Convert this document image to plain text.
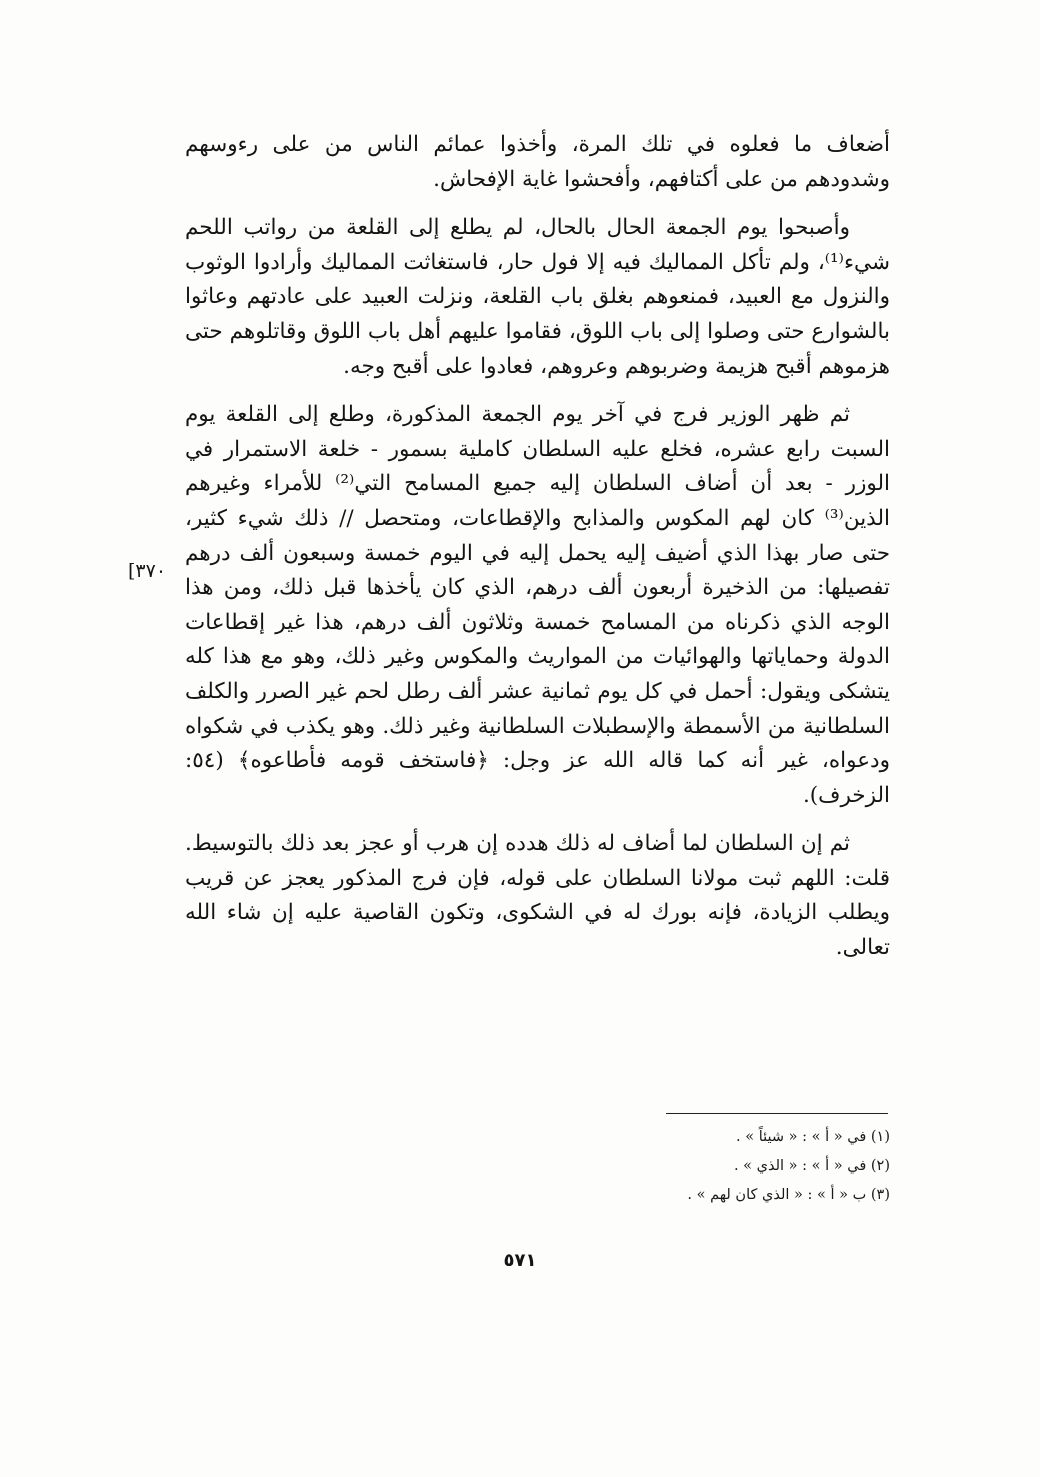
أضعاف ما فعلوه في تلك المرة، وأخذوا عمائم الناس من على رءوسهم وشدودهم من على أكتافهم، وأفحشوا غاية الإفحاش.

وأصبحوا يوم الجمعة الحال بالحال، لم يطلع إلى القلعة من رواتب اللحم شيء⁽¹⁾، ولم تأكل المماليك فيه إلا فول حار، فاستغاثت المماليك وأرادوا الوثوب والنزول مع العبيد، فمنعوهم بغلق باب القلعة، ونزلت العبيد على عادتهم وعاثوا بالشوارع حتى وصلوا إلى باب اللوق، فقاموا عليهم أهل باب اللوق وقاتلوهم حتى هزموهم أقبح هزيمة وضربوهم وعروهم، فعادوا على أقبح وجه.

ثم ظهر الوزير فرج في آخر يوم الجمعة المذكورة، وطلع إلى القلعة يوم السبت رابع عشره، فخلع عليه السلطان كاملية بسمور - خلعة الاستمرار في الوزر - بعد أن أضاف السلطان إليه جميع المسامح التي⁽²⁾ للأمراء وغيرهم الذين⁽³⁾ كان لهم المكوس والمذابح والإقطاعات، ومتحصل // ذلك شيء كثير، حتى صار بهذا الذي أضيف إليه يحمل إليه في اليوم خمسة وسبعون ألف درهم تفصيلها: من الذخيرة أربعون ألف درهم، الذي كان يأخذها قبل ذلك، ومن هذا الوجه الذي ذكرناه من المسامح خمسة وثلاثون ألف درهم، هذا غير إقطاعات الدولة وحماياتها والهوائيات من المواريث والمكوس وغير ذلك، وهو مع هذا كله يتشكى ويقول: أحمل في كل يوم ثمانية عشر ألف رطل لحم غير الصرر والكلف السلطانية من الأسمطة والإسطبلات السلطانية وغير ذلك. وهو يكذب في شكواه ودعواه، غير أنه كما قاله الله عز وجل: ﴿فاستخف قومه فأطاعوه﴾ (٥٤: الزخرف).

ثم إن السلطان لما أضاف له ذلك هدده إن هرب أو عجز بعد ذلك بالتوسيط. قلت: اللهم ثبت مولانا السلطان على قوله، فإن فرج المذكور يعجز عن قريب ويطلب الزيادة، فإنه بورك له في الشكوى، وتكون القاصية عليه إن شاء الله تعالى.

[٣٧٠
(١) في « أ » : « شيئاً » .
(٢) في « أ » : « الذي » .
(٣) ب « أ » : « الذي كان لهم » .
٥٧١
